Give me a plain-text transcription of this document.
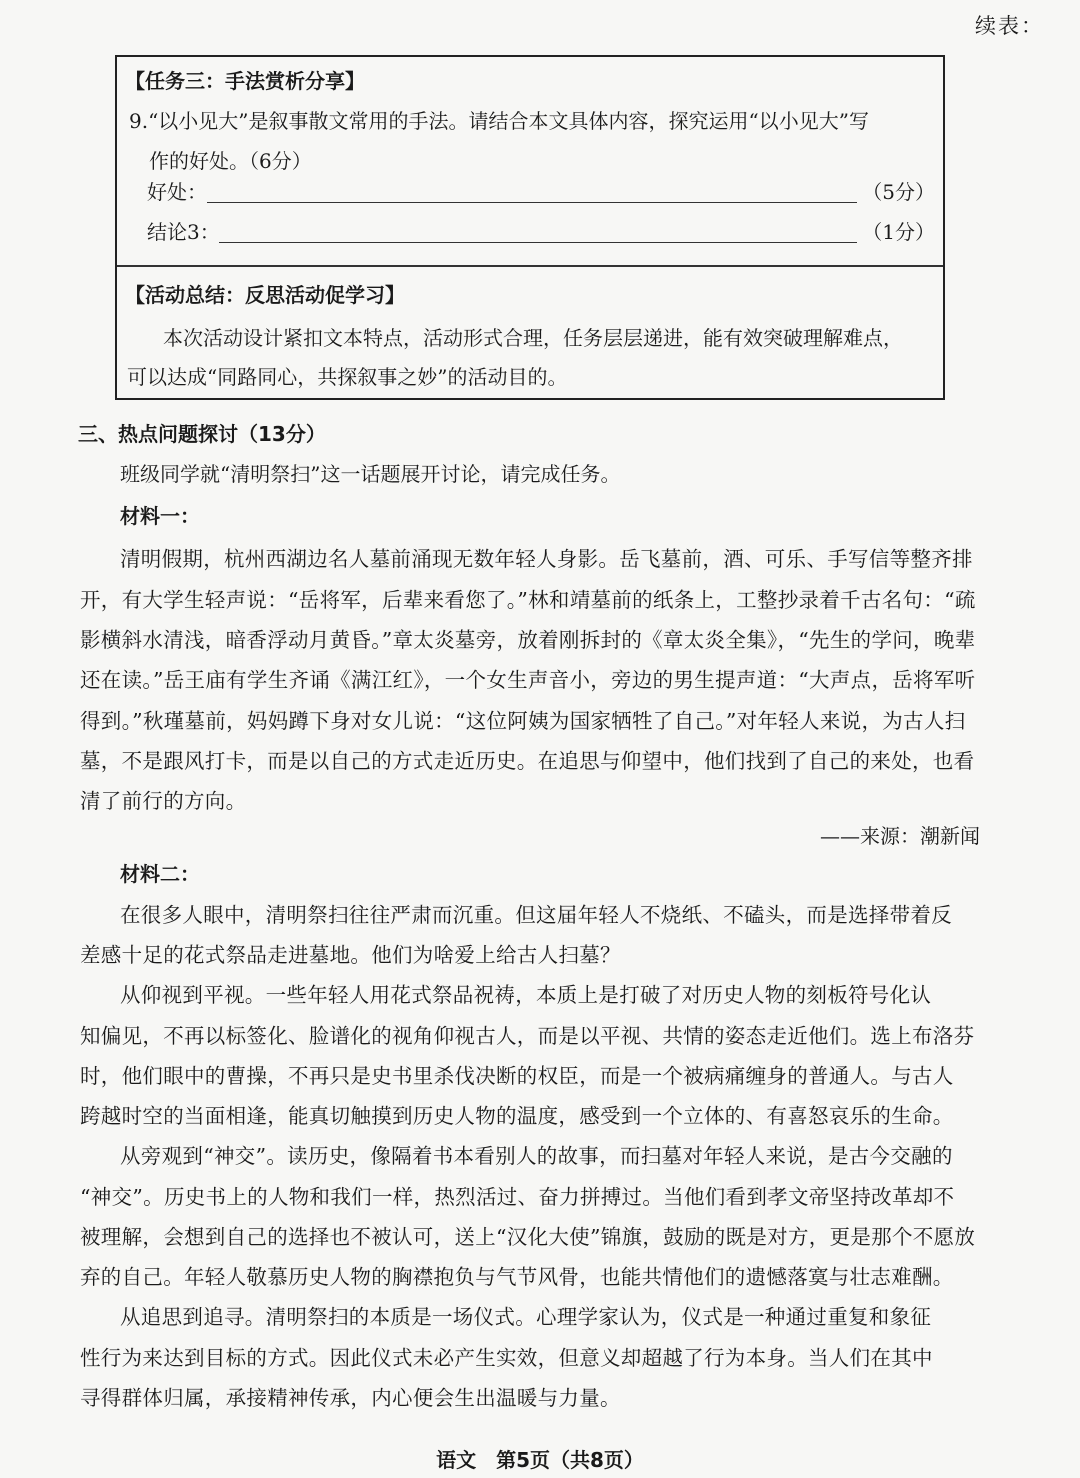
续表：
【任务三：手法赏析分享】
9.“以小见大”是叙事散文常用的手法。请结合本文具体内容，探究运用“以小见大”写
作的好处。（6分）
好处：	（5分）
结论3：	（1分）
【活动总结：反思活动促学习】
本次活动设计紧扣文本特点，活动形式合理，任务层层递进，能有效突破理解难点，
可以达成“同路同心，共探叙事之妙”的活动目的。
三、热点问题探讨（13分）
班级同学就“清明祭扫”这一话题展开讨论，请完成任务。
材料一：
清明假期，杭州西湖边名人墓前涌现无数年轻人身影。岳飞墓前，酒、可乐、手写信等整齐排
开，有大学生轻声说：“岳将军，后辈来看您了。”林和靖墓前的纸条上，工整抄录着千古名句：“疏
影横斜水清浅，暗香浮动月黄昏。”章太炎墓旁，放着刚拆封的《章太炎全集》，“先生的学问，晚辈
还在读。”岳王庙有学生齐诵《满江红》，一个女生声音小，旁边的男生提声道：“大声点，岳将军听
得到。”秋瑾墓前，妈妈蹲下身对女儿说：“这位阿姨为国家牺牲了自己。”对年轻人来说，为古人扫
墓，不是跟风打卡，而是以自己的方式走近历史。在追思与仰望中，他们找到了自己的来处，也看
清了前行的方向。
——来源：潮新闻
材料二：
在很多人眼中，清明祭扫往往严肃而沉重。但这届年轻人不烧纸、不磕头，而是选择带着反
差感十足的花式祭品走进墓地。他们为啥爱上给古人扫墓？
从仰视到平视。一些年轻人用花式祭品祝祷，本质上是打破了对历史人物的刻板符号化认
知偏见，不再以标签化、脸谱化的视角仰视古人，而是以平视、共情的姿态走近他们。选上布洛芬
时，他们眼中的曹操，不再只是史书里杀伐决断的权臣，而是一个被病痛缠身的普通人。与古人
跨越时空的当面相逢，能真切触摸到历史人物的温度，感受到一个立体的、有喜怒哀乐的生命。
从旁观到“神交”。读历史，像隔着书本看别人的故事，而扫墓对年轻人来说，是古今交融的
“神交”。历史书上的人物和我们一样，热烈活过、奋力拼搏过。当他们看到孝文帝坚持改革却不
被理解，会想到自己的选择也不被认可，送上“汉化大使”锦旗，鼓励的既是对方，更是那个不愿放
弃的自己。年轻人敬慕历史人物的胸襟抱负与气节风骨，也能共情他们的遗憾落寞与壮志难酬。
从追思到追寻。清明祭扫的本质是一场仪式。心理学家认为，仪式是一种通过重复和象征
性行为来达到目标的方式。因此仪式未必产生实效，但意义却超越了行为本身。当人们在其中
寻得群体归属，承接精神传承，内心便会生出温暖与力量。
语文　第5页（共8页）
